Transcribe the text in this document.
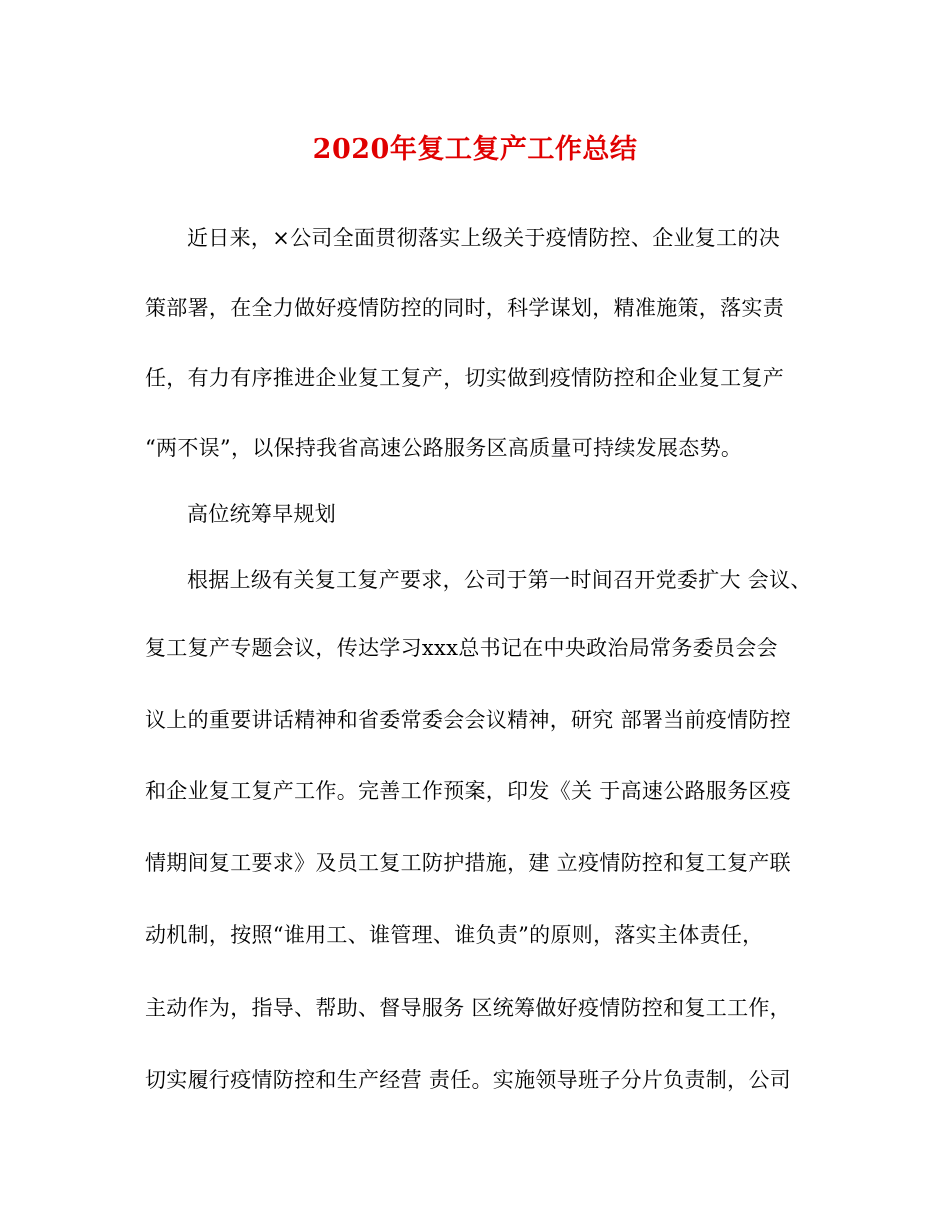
2020年复工复产工作总结
近日来，×公司全面贯彻落实上级关于疫情防控、企业复工的决
策部署，在全力做好疫情防控的同时，科学谋划，精准施策，落实责
任，有力有序推进企业复工复产，切实做到疫情防控和企业复工复产
“两不误”，以保持我省高速公路服务区高质量可持续发展态势。
高位统筹早规划
根据上级有关复工复产要求，公司于第一时间召开党委扩大 会议、
复工复产专题会议，传达学习xxx总书记在中央政治局常务委员会会
议上的重要讲话精神和省委常委会会议精神，研究 部署当前疫情防控
和企业复工复产工作。完善工作预案，印发《关 于高速公路服务区疫
情期间复工要求》及员工复工防护措施，建 立疫情防控和复工复产联
动机制，按照“谁用工、谁管理、谁负责”的原则，落实主体责任，
主动作为，指导、帮助、督导服务 区统筹做好疫情防控和复工工作，
切实履行疫情防控和生产经营 责任。实施领导班子分片负责制，公司
